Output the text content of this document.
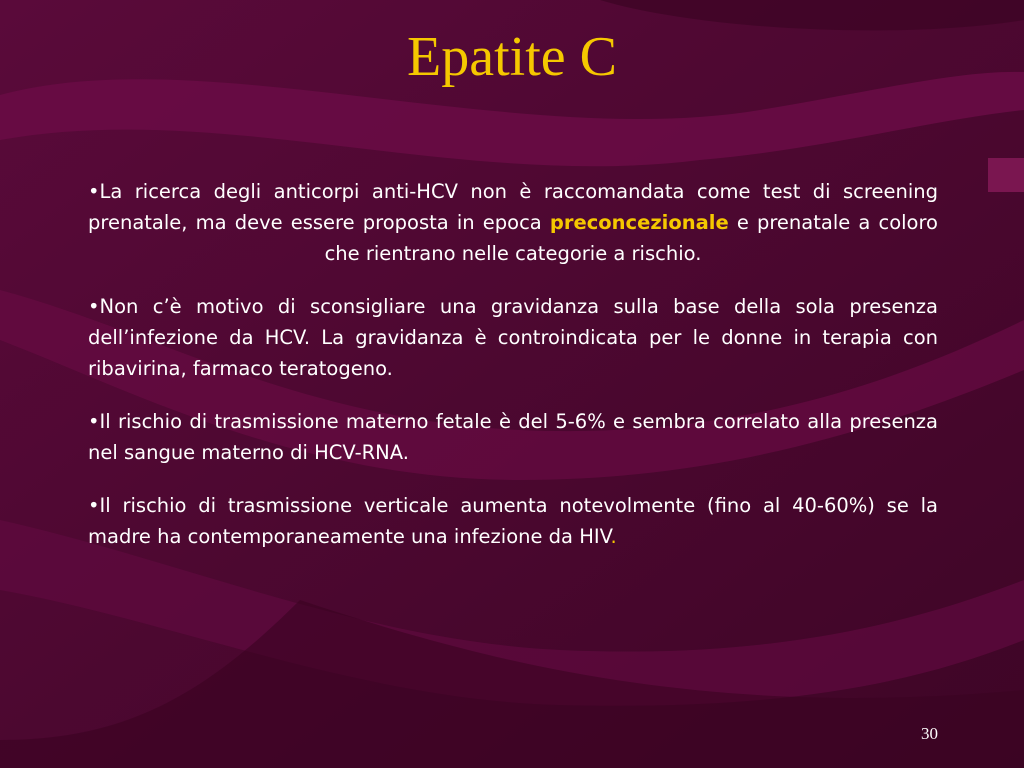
Epatite C

•La ricerca degli anticorpi anti-HCV non è raccomandata come test di screening prenatale, ma deve essere proposta in epoca preconcezionale e prenatale a coloro che rientrano nelle categorie a rischio.

•Non c’è motivo di sconsigliare una gravidanza sulla base della sola presenza dell’infezione da HCV. La gravidanza è controindicata per le donne in terapia con ribavirina, farmaco teratogeno.

•Il rischio di trasmissione materno fetale è del 5-6% e sembra correlato alla presenza nel sangue materno di HCV-RNA.

•Il rischio di trasmissione verticale aumenta notevolmente (fino al 40-60%) se la madre ha contemporaneamente una infezione da HIV.

30
